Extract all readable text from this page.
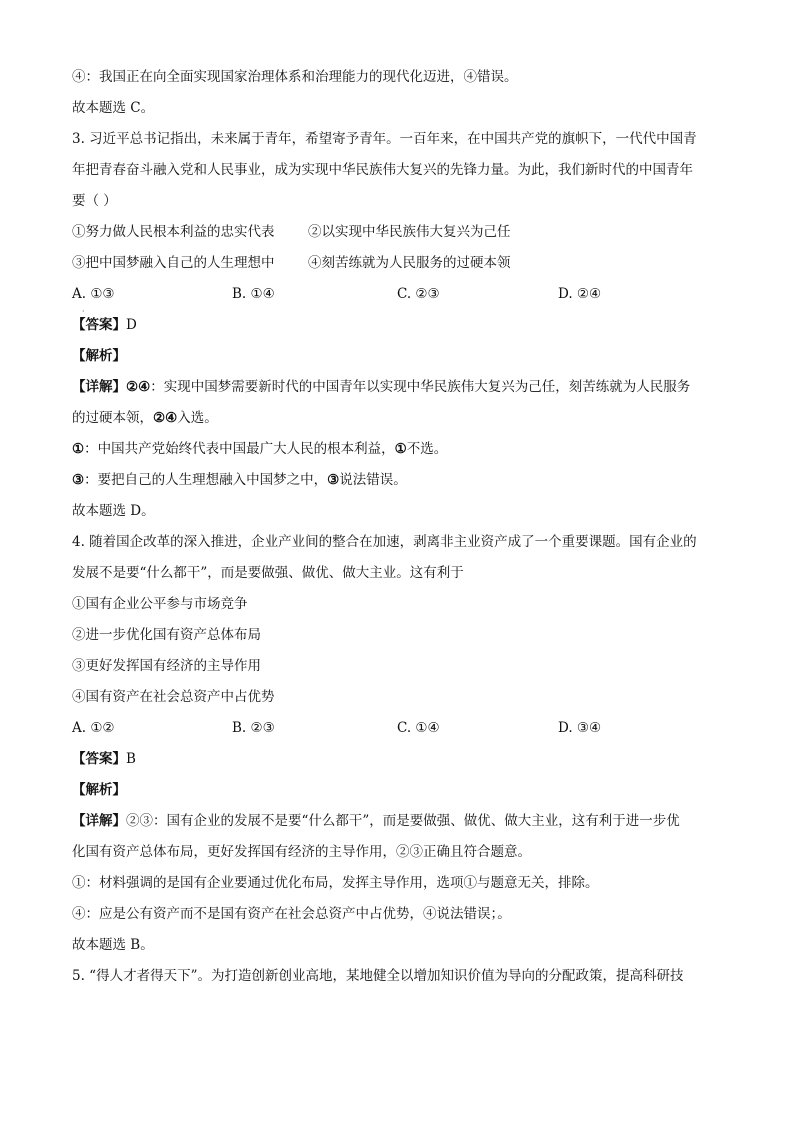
④：我国正在向全面实现国家治理体系和治理能力的现代化迈进，④错误。
故本题选 C。
3. 习近平总书记指出，未来属于青年，希望寄予青年。一百年来，在中国共产党的旗帜下，一代代中国青
年把青春奋斗融入党和人民事业，成为实现中华民族伟大复兴的先锋力量。为此，我们新时代的中国青年
要（ ）
①努力做人民根本利益的忠实代表 ②以实现中华民族伟大复兴为己任
③把中国梦融入自己的人生理想中 ④刻苦练就为人民服务的过硬本领
A. ①③	B. ①④	C. ②③	D. ②④
【答案】D
【解析】
【详解】②④：实现中国梦需要新时代的中国青年以实现中华民族伟大复兴为己任，刻苦练就为人民服务
的过硬本领，②④入选。
①：中国共产党始终代表中国最广大人民的根本利益，①不选。
③：要把自己的人生理想融入中国梦之中，③说法错误。
故本题选 D。
4. 随着国企改革的深入推进，企业产业间的整合在加速，剥离非主业资产成了一个重要课题。国有企业的
发展不是要“什么都干”，而是要做强、做优、做大主业。这有利于
①国有企业公平参与市场竞争
②进一步优化国有资产总体布局
③更好发挥国有经济的主导作用
④国有资产在社会总资产中占优势
A. ①②	B. ②③	C. ①④	D. ③④
【答案】B
【解析】
【详解】②③：国有企业的发展不是要“什么都干”，而是要做强、做优、做大主业，这有利于进一步优
化国有资产总体布局，更好发挥国有经济的主导作用，②③正确且符合题意。
①：材料强调的是国有企业要通过优化布局，发挥主导作用，选项①与题意无关，排除。
④：应是公有资产而不是国有资产在社会总资产中占优势，④说法错误；。
故本题选 B。
5. “得人才者得天下”。为打造创新创业高地，某地健全以增加知识价值为导向的分配政策，提高科研技
·
